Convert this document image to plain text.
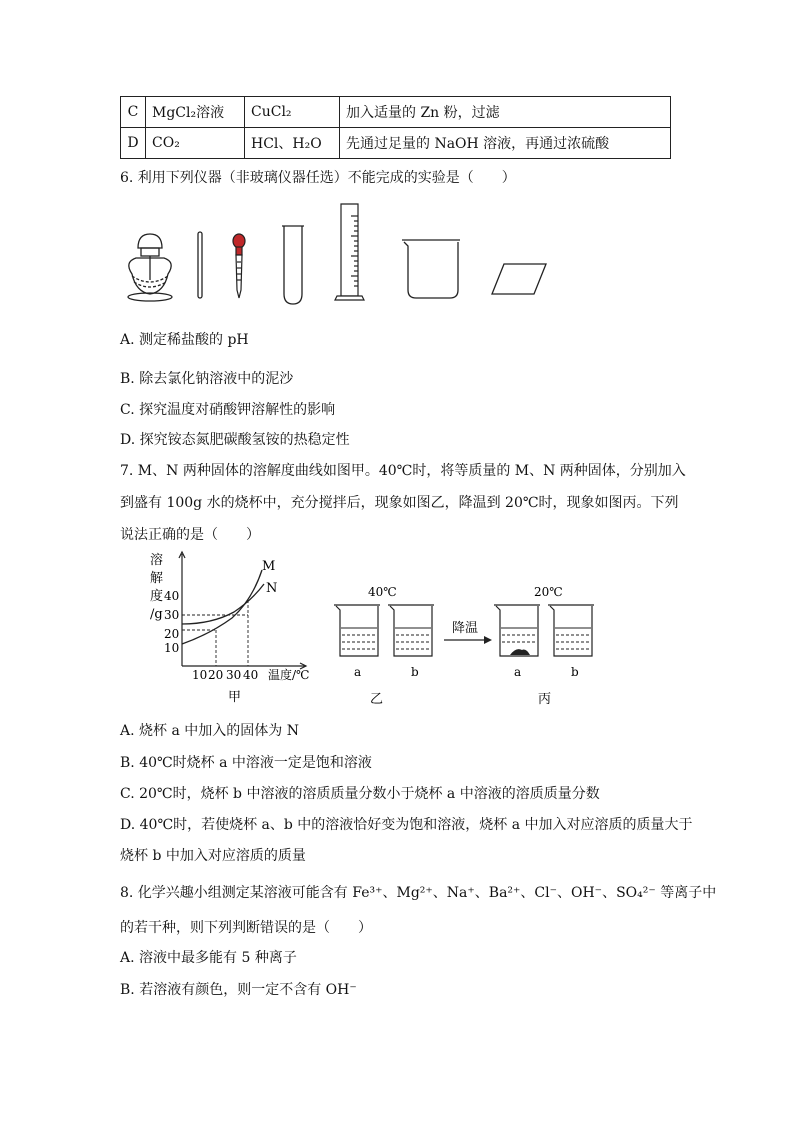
C	MgCl₂溶液	CuCl₂	加入适量的 Zn 粉，过滤
D	CO₂	HCl、H₂O	先通过足量的 NaOH 溶液，再通过浓硫酸
6. 利用下列仪器（非玻璃仪器任选）不能完成的实验是（　　）
A. 测定稀盐酸的 pH
B. 除去氯化钠溶液中的泥沙
C. 探究温度对硝酸钾溶解性的影响
D. 探究铵态氮肥碳酸氢铵的热稳定性
7. M、N 两种固体的溶解度曲线如图甲。40℃时，将等质量的 M、N 两种固体，分别加入
到盛有 100g 水的烧杯中，充分搅拌后，现象如图乙，降温到 20℃时，现象如图丙。下列
说法正确的是（　　）
溶
解
度
/g
40
30
20
10
10 20 30 40 温度/℃
M
N
甲
40℃
a	b
乙
降温
20℃
a	b
丙
A. 烧杯 a 中加入的固体为 N
B. 40℃时烧杯 a 中溶液一定是饱和溶液
C. 20℃时，烧杯 b 中溶液的溶质质量分数小于烧杯 a 中溶液的溶质质量分数
D. 40℃时，若使烧杯 a、b 中的溶液恰好变为饱和溶液，烧杯 a 中加入对应溶质的质量大于
烧杯 b 中加入对应溶质的质量
8. 化学兴趣小组测定某溶液可能含有 Fe³⁺、Mg²⁺、Na⁺、Ba²⁺、Cl⁻、OH⁻、SO₄²⁻ 等离子中
的若干种，则下列判断错误的是（　　）
A. 溶液中最多能有 5 种离子
B. 若溶液有颜色，则一定不含有 OH⁻
